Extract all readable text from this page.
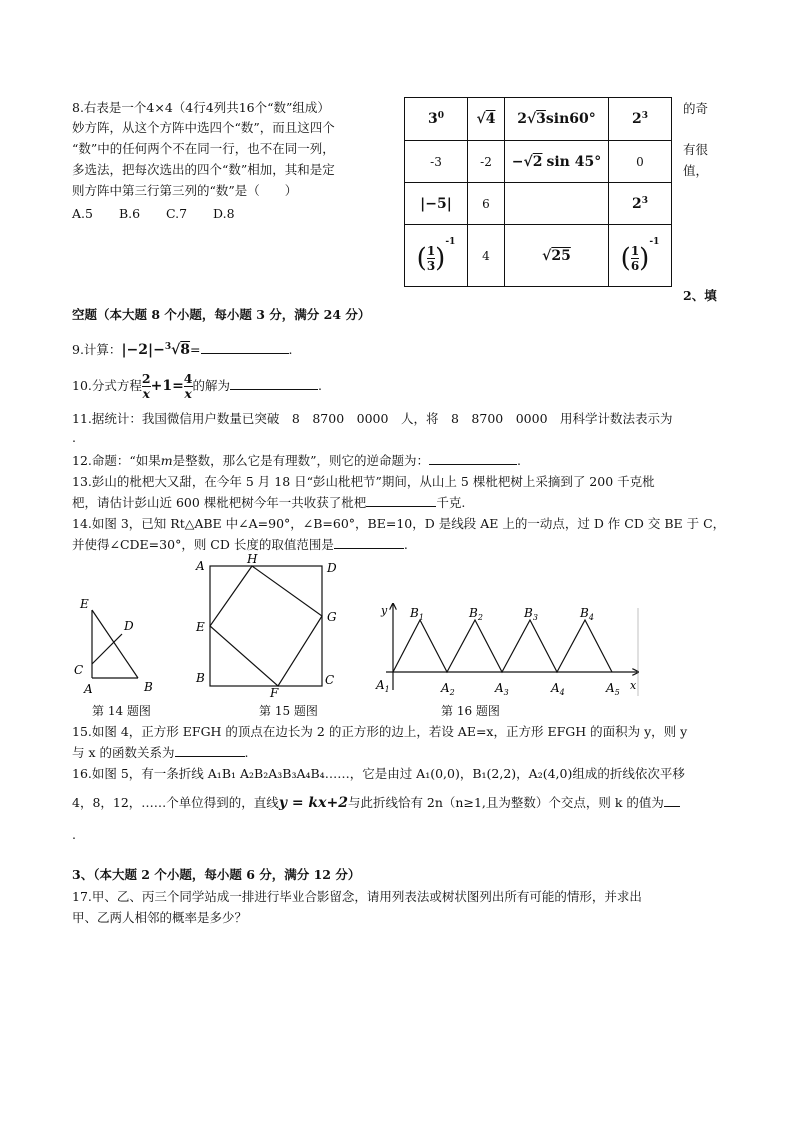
8.右表是一个4×4（4行4列共16个“数”组成）
妙方阵，从这个方阵中选四个“数”，而且这四个
“数”中的任何两个不在同一行，也不在同一列，
多选法，把每次选出的四个“数”相加，其和是定
则方阵中第三行第三列的“数”是（　　）
A.5 B.6 C.7 D.8
的奇
有很
值，
$3^0$	√4	2√3sin60°	$2^3$
-3	-2	−√2 sin 45°	0
|−5|	6		$2^3$
( $\frac{1}{3} )^{-1}$	4	√25	( $\frac{1}{6} )^{-1}$
2、填
空题（本大题 8 个小题，每小题 3 分，满分 24 分）
9.计算：|−2|−$^3$√8=	.
10.分式方程 $\frac{2}{x} +1= \frac{4}{x}$ 的解为	.
11.据统计：我国微信用户数量已突破　8　8700　0000　人，将　8　8700　0000　用科学计数法表示为
.
12.命题：“如果m是整数，那么它是有理数”，则它的逆命题为：	.
13.彭山的枇杷大又甜，在今年 5 月 18 日“彭山枇杷节”期间，从山上 5 棵枇杷树上采摘到了 200 千克枇
杷，请估计彭山近 600 棵枇杷树今年一共收获了枇杷	千克.
14.如图 3，已知 Rt△ABE 中∠A=90°，∠B=60°，BE=10，D 是线段 AE 上的一动点，过 D 作 CD 交 BE 于 C，
并使得∠CDE=30°，则 CD 长度的取值范围是	.
E
D
C
A	B
A	H
D
E
G
B
F
C
y
x
$B_1$	$B_2$	$B_3$	$B_4$
$A_1$	$A_2$	$A_3$	$A_4$	$A_5$
第 14 题图	第 15 题图	第 16 题图
15.如图 4，正方形 EFGH 的顶点在边长为 2 的正方形的边上，若设 AE=x，正方形 EFGH 的面积为 y，则 y
与 x 的函数关系为	.
16.如图 5，有一条折线 A₁B₁ A₂B₂A₃B₃A₄B₄……，它是由过 A₁(0,0)，B₁(2,2)，A₂(4,0)组成的折线依次平移
4，8，12，……个单位得到的，直线y = kx+2与此折线恰有 2n（n≥1,且为整数）个交点，则 k 的值为
.
3、（本大题 2 个小题，每小题 6 分，满分 12 分）
17.甲、乙、丙三个同学站成一排进行毕业合影留念，请用列表法或树状图列出所有可能的情形，并求出
甲、乙两人相邻的概率是多少？
